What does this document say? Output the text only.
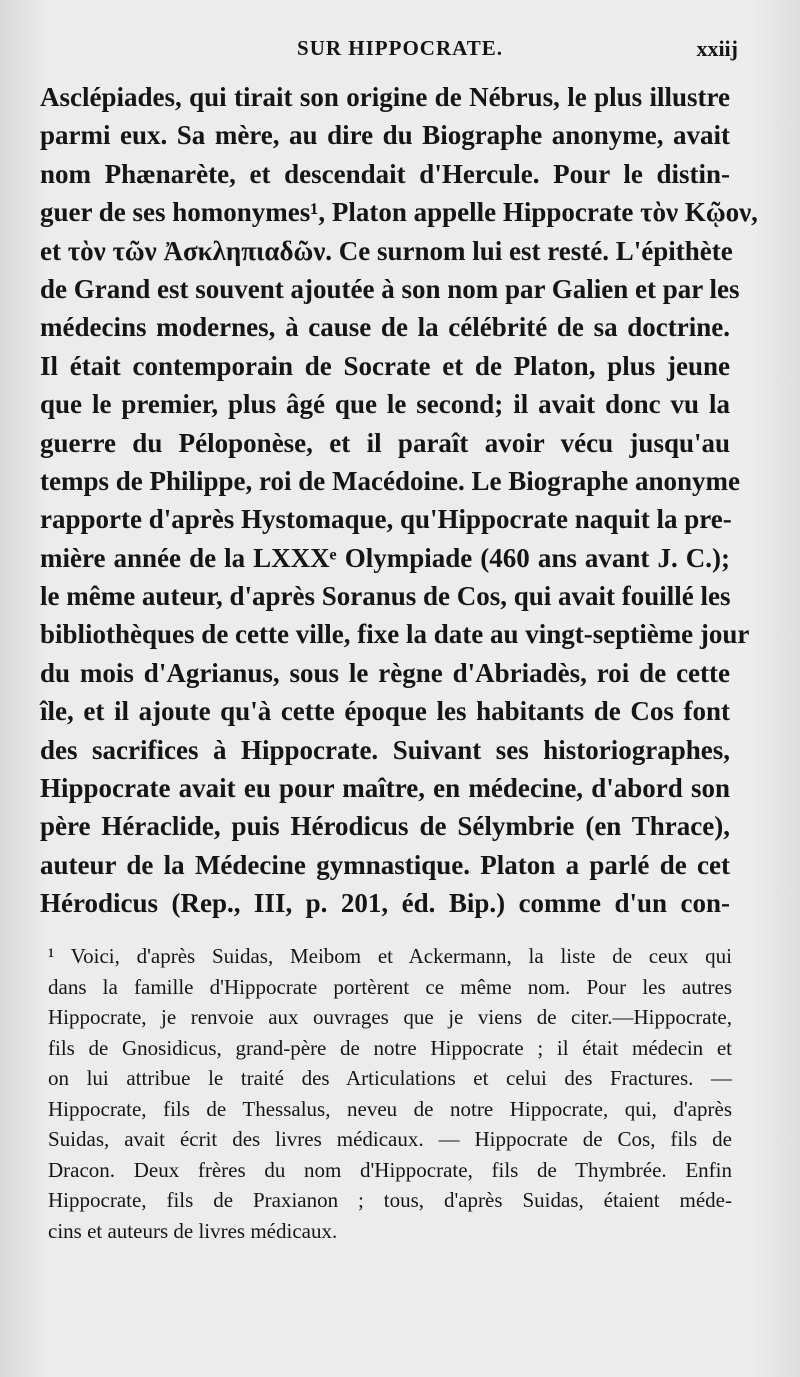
SUR HIPPOCRATE.	xxiij
Asclépiades, qui tirait son origine de Nébrus, le plus illustre
parmi eux. Sa mère, au dire du Biographe anonyme, avait
nom Phænarète, et descendait d'Hercule. Pour le distin-
guer de ses homonymes¹, Platon appelle Hippocrate τὸν Κῷον,
et τὸν τῶν Ἀσκληπιαδῶν. Ce surnom lui est resté. L'épithète
de Grand est souvent ajoutée à son nom par Galien et par les
médecins modernes, à cause de la célébrité de sa doctrine.
Il était contemporain de Socrate et de Platon, plus jeune
que le premier, plus âgé que le second; il avait donc vu la
guerre du Péloponèse, et il paraît avoir vécu jusqu'au
temps de Philippe, roi de Macédoine. Le Biographe anonyme
rapporte d'après Hystomaque, qu'Hippocrate naquit la pre-
mière année de la LXXXᵉ Olympiade (460 ans avant J. C.);
le même auteur, d'après Soranus de Cos, qui avait fouillé les
bibliothèques de cette ville, fixe la date au vingt-septième jour
du mois d'Agrianus, sous le règne d'Abriadès, roi de cette
île, et il ajoute qu'à cette époque les habitants de Cos font
des sacrifices à Hippocrate. Suivant ses historiographes,
Hippocrate avait eu pour maître, en médecine, d'abord son
père Héraclide, puis Hérodicus de Sélymbrie (en Thrace),
auteur de la Médecine gymnastique. Platon a parlé de cet
Hérodicus (Rep., III, p. 201, éd. Bip.) comme d'un con-
¹ Voici, d'après Suidas, Meibom et Ackermann, la liste de ceux qui
dans la famille d'Hippocrate portèrent ce même nom. Pour les autres
Hippocrate, je renvoie aux ouvrages que je viens de citer.—Hippocrate,
fils de Gnosidicus, grand-père de notre Hippocrate ; il était médecin et
on lui attribue le traité des Articulations et celui des Fractures. —
Hippocrate, fils de Thessalus, neveu de notre Hippocrate, qui, d'après
Suidas, avait écrit des livres médicaux. — Hippocrate de Cos, fils de
Dracon. Deux frères du nom d'Hippocrate, fils de Thymbrée. Enfin
Hippocrate, fils de Praxianon ; tous, d'après Suidas, étaient méde-
cins et auteurs de livres médicaux.
